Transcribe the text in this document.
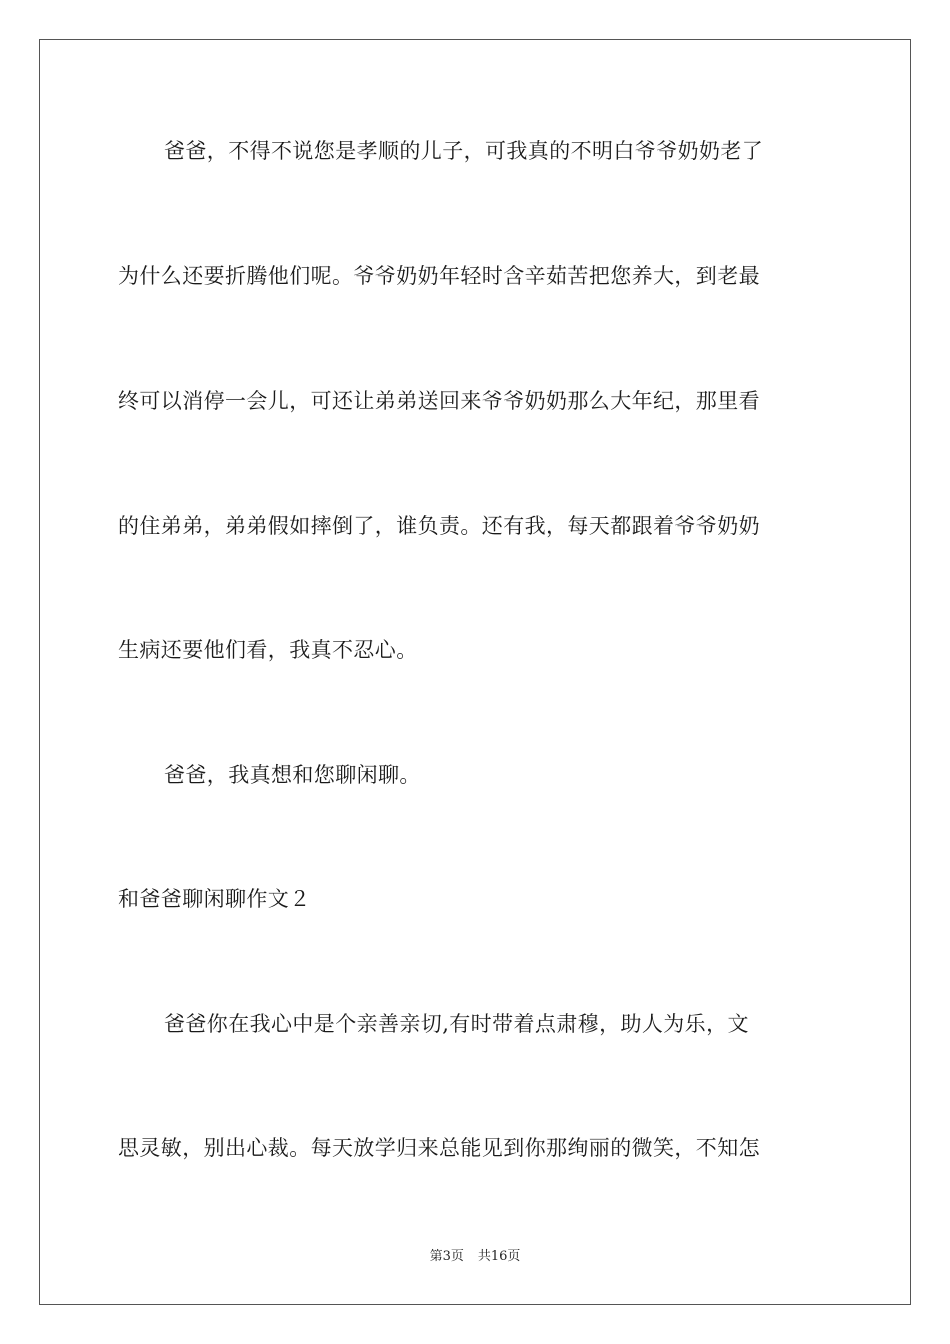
爸爸，不得不说您是孝顺的儿子，可我真的不明白爷爷奶奶老了
为什么还要折腾他们呢。爷爷奶奶年轻时含辛茹苦把您养大，到老最
终可以消停一会儿，可还让弟弟送回来爷爷奶奶那么大年纪，那里看
的住弟弟，弟弟假如摔倒了，谁负责。还有我，每天都跟着爷爷奶奶
生病还要他们看，我真不忍心。
爸爸，我真想和您聊闲聊。
和爸爸聊闲聊作文２
爸爸你在我心中是个亲善亲切,有时带着点肃穆，助人为乐，文
思灵敏，别出心裁。每天放学归来总能见到你那绚丽的微笑，不知怎
第3页 共16页
